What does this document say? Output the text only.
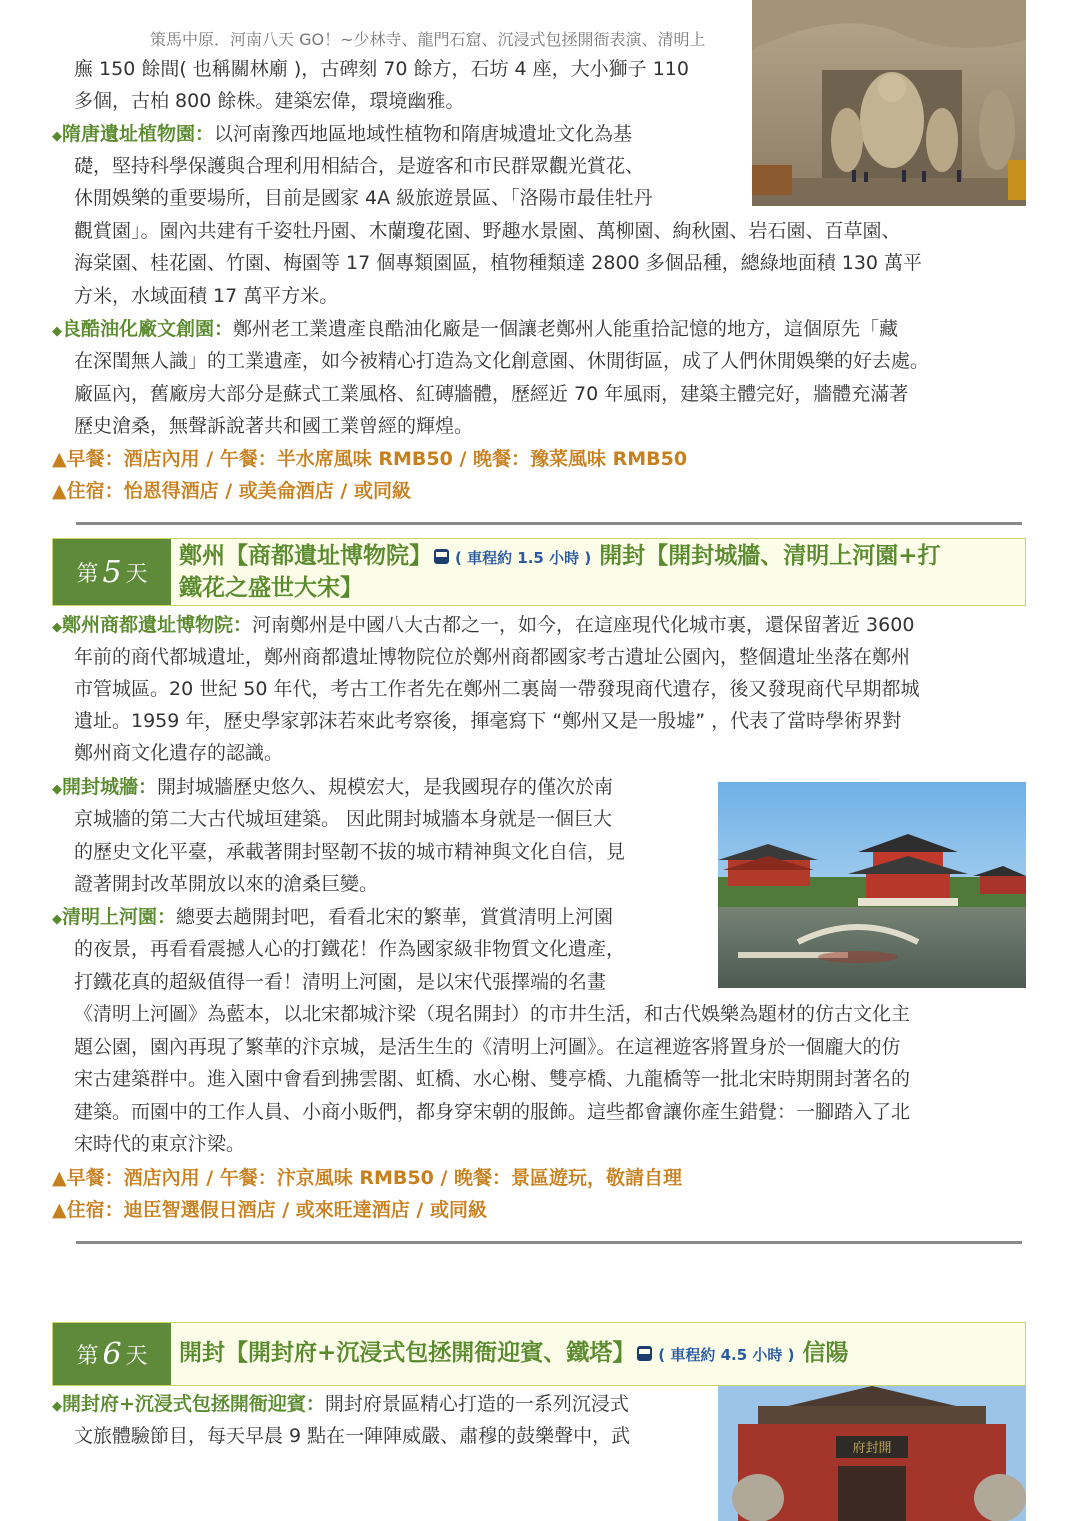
策馬中原．河南八天 GO！~少林寺、龍門石窟、沉浸式包拯開衙表演、清明上
廡 150 餘間( 也稱關林廟 )，古碑刻 70 餘方，石坊 4 座，大小獅子 110
多個，古柏 800 餘株。建築宏偉，環境幽雅。
◆隋唐遺址植物園：以河南豫西地區地域性植物和隋唐城遺址文化為基
礎，堅持科學保護與合理利用相結合，是遊客和市民群眾觀光賞花、
休閒娛樂的重要場所，目前是國家 4A 級旅遊景區、「洛陽市最佳牡丹
觀賞園」。園內共建有千姿牡丹園、木蘭瓊花園、野趣水景園、萬柳園、絢秋園、岩石園、百草園、
海棠園、桂花園、竹園、梅園等 17 個專類園區，植物種類達 2800 多個品種，總綠地面積 130 萬平
方米，水域面積 17 萬平方米。
◆良酷油化廠文創園：鄭州老工業遺產良酷油化廠是一個讓老鄭州人能重拾記憶的地方，這個原先「藏
在深閨無人識」的工業遺產，如今被精心打造為文化創意園、休閒街區，成了人們休閒娛樂的好去處。
廠區內，舊廠房大部分是蘇式工業風格、紅磚牆體，歷經近 70 年風雨，建築主體完好，牆體充滿著
歷史滄桑，無聲訴說著共和國工業曾經的輝煌。
▲早餐：酒店內用 / 午餐：半水席風味 RMB50 / 晚餐：豫菜風味 RMB50
▲住宿：怡恩得酒店 / 或美侖酒店 / 或同級
第 5 天
鄭州【商都遺址博物院】 ( 車程約 1.5 小時 ) 開封【開封城牆、清明上河園+打
鐵花之盛世大宋】
◆鄭州商都遺址博物院：河南鄭州是中國八大古都之一，如今，在這座現代化城市裏，還保留著近 3600
年前的商代都城遺址，鄭州商都遺址博物院位於鄭州商都國家考古遺址公園內，整個遺址坐落在鄭州
市管城區。20 世紀 50 年代，考古工作者先在鄭州二裏崗一帶發現商代遺存，後又發現商代早期都城
遺址。1959 年，歷史學家郭沫若來此考察後，揮毫寫下 “鄭州又是一殷墟” ，代表了當時學術界對
鄭州商文化遺存的認識。
◆開封城牆：開封城牆歷史悠久、規模宏大，是我國現存的僅次於南
京城牆的第二大古代城垣建築。 因此開封城牆本身就是一個巨大
的歷史文化平臺，承載著開封堅韌不拔的城市精神與文化自信，見
證著開封改革開放以來的滄桑巨變。
◆清明上河園：總要去趟開封吧，看看北宋的繁華，賞賞清明上河園
的夜景，再看看震撼人心的打鐵花！作為國家級非物質文化遺產，
打鐵花真的超級值得一看！清明上河園，是以宋代張擇端的名畫
《清明上河圖》為藍本，以北宋都城汴梁（現名開封）的市井生活，和古代娛樂為題材的仿古文化主
題公園，園內再現了繁華的汴京城，是活生生的《清明上河圖》。在這裡遊客將置身於一個龐大的仿
宋古建築群中。進入園中會看到拂雲閣、虹橋、水心榭、雙亭橋、九龍橋等一批北宋時期開封著名的
建築。而園中的工作人員、小商小販們，都身穿宋朝的服飾。這些都會讓你產生錯覺：一腳踏入了北
宋時代的東京汴梁。
▲早餐：酒店內用 / 午餐：汴京風味 RMB50 / 晚餐：景區遊玩，敬請自理
▲住宿：迪臣智選假日酒店 / 或來旺達酒店 / 或同級
第 6 天 開封【開封府+沉浸式包拯開衙迎賓、鐵塔】 ( 車程約 4.5 小時 ) 信陽
◆開封府+沉浸式包拯開衙迎賓：開封府景區精心打造的一系列沉浸式
文旅體驗節目，每天早晨 9 點在一陣陣威嚴、肅穆的鼓樂聲中，武
府封開
